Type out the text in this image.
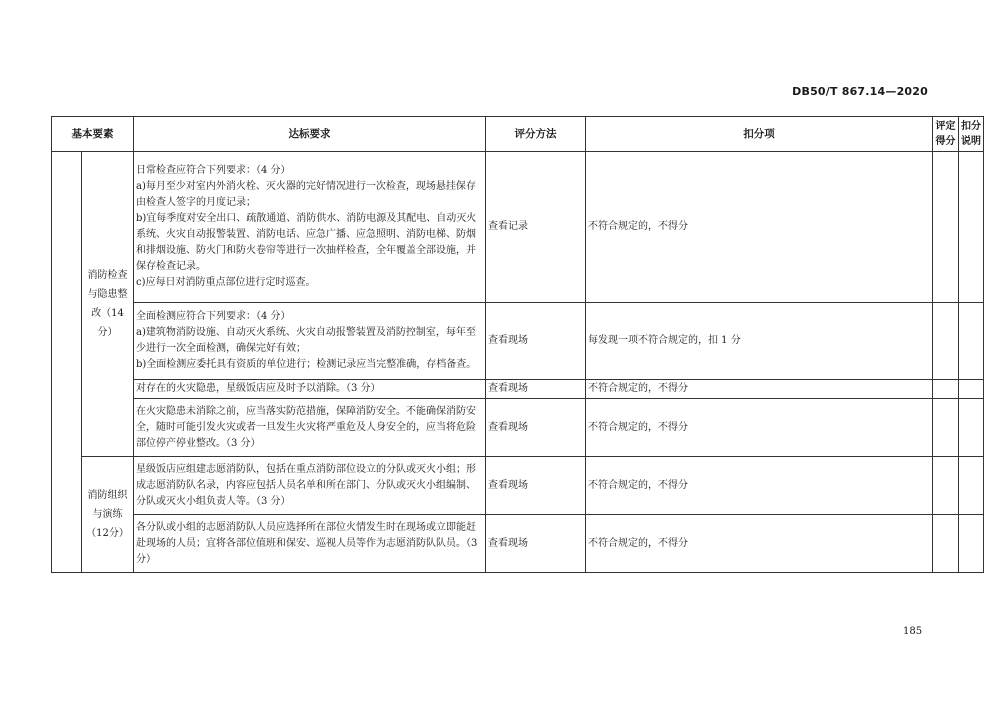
DB50/T 867.14—2020
基本要素		达标要求	评分方法	扣分项	评定得分	扣分说明
	消防检查与隐患整改（14分）	日常检查应符合下列要求：（4 分）
a)每月至少对室内外消火栓、灭火器的完好情况进行一次检查，现场悬挂保存由检查人签字的月度记录；
b)宜每季度对安全出口、疏散通道、消防供水、消防电源及其配电、自动灭火系统、火灾自动报警装置、消防电话、应急广播、应急照明、消防电梯、防烟和排烟设施、防火门和防火卷帘等进行一次抽样检查，全年覆盖全部设施，并保存检查记录。
c)应每日对消防重点部位进行定时巡查。	查看记录	不符合规定的，不得分		

		全面检测应符合下列要求：（4 分）
a)建筑物消防设施、自动灭火系统、火灾自动报警装置及消防控制室，每年至少进行一次全面检测，确保完好有效；
b)全面检测应委托具有资质的单位进行；检测记录应当完整准确，存档备查。	查看现场	每发现一项不符合规定的，扣 1 分		

		对存在的火灾隐患，星级饭店应及时予以消除。（3 分）	查看现场	不符合规定的，不得分		

		在火灾隐患未消除之前，应当落实防范措施，保障消防安全。不能确保消防安全，随时可能引发火灾或者一旦发生火灾将严重危及人身安全的，应当将危险部位停产停业整改。（3 分）	查看现场	不符合规定的，不得分		
	消防组织与演练（12分）	星级饭店应组建志愿消防队，包括在重点消防部位设立的分队或灭火小组；形成志愿消防队名录，内容应包括人员名单和所在部门、分队或灭火小组编制、分队或灭火小组负责人等。（3 分）	查看现场	不符合规定的，不得分		

		各分队或小组的志愿消防队人员应选择所在部位火情发生时在现场或立即能赶赴现场的人员；宜将各部位值班和保安、巡视人员等作为志愿消防队队员。（3 分）	查看现场	不符合规定的，不得分		
185
